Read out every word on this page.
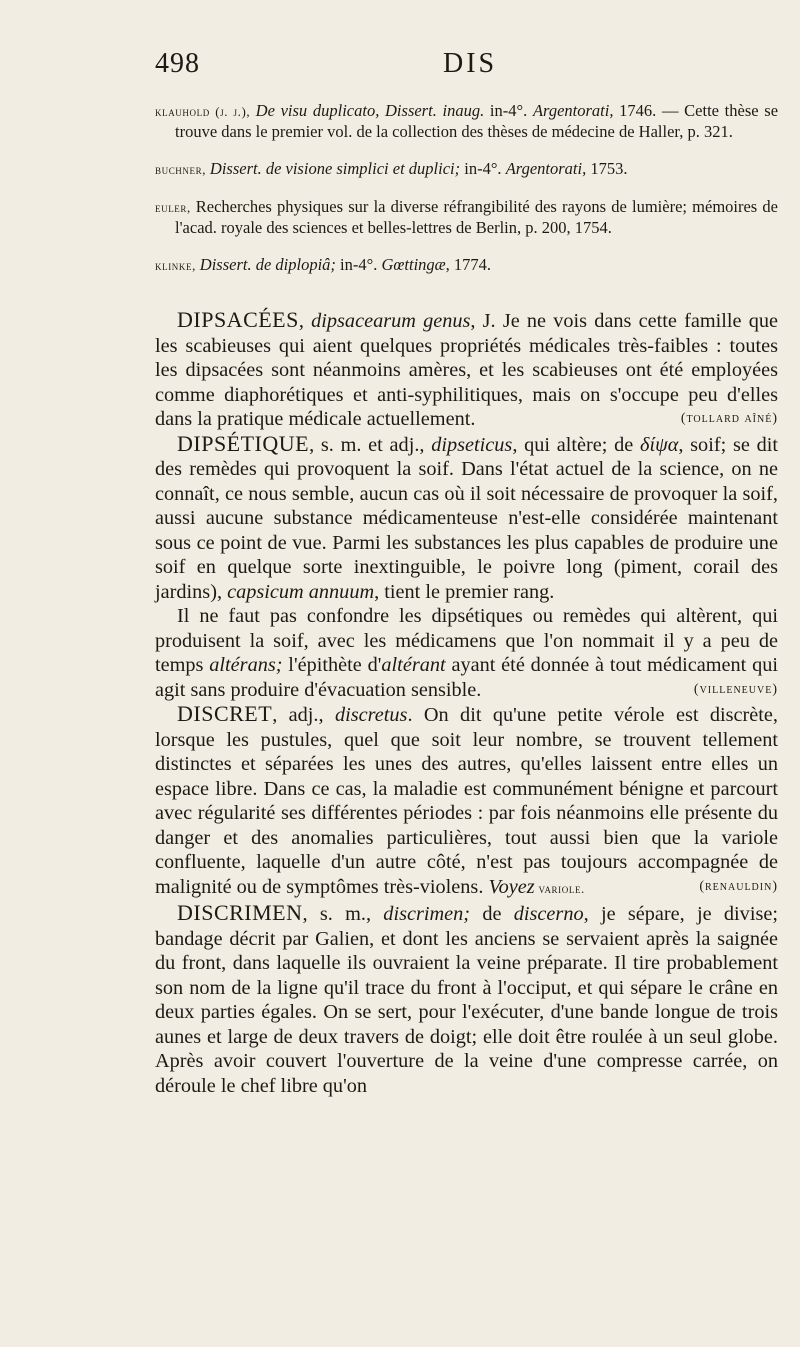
498	DIS

klauhold (j. j.), De visu duplicato, Dissert. inaug. in-4°. Argentorati, 1746. — Cette thèse se trouve dans le premier vol. de la collection des thèses de médecine de Haller, p. 321.

buchner, Dissert. de visione simplici et duplici; in-4°. Argentorati, 1753.

euler, Recherches physiques sur la diverse réfrangibilité des rayons de lumière; mémoires de l'acad. royale des sciences et belles-lettres de Berlin, p. 200, 1754.

klinke, Dissert. de diplopiâ; in-4°. Gœttingæ, 1774.

DIPSACÉES, dipsacearum genus, J. Je ne vois dans cette famille que les scabieuses qui aient quelques propriétés médicales très-faibles : toutes les dipsacées sont néanmoins amères, et les scabieuses ont été employées comme diaphorétiques et anti-syphilitiques, mais on s'occupe peu d'elles dans la pratique médicale actuellement.	(tollard aîné)

DIPSÉTIQUE, s. m. et adj., dipseticus, qui altère; de δίψα, soif; se dit des remèdes qui provoquent la soif. Dans l'état actuel de la science, on ne connaît, ce nous semble, aucun cas où il soit nécessaire de provoquer la soif, aussi aucune substance médicamenteuse n'est-elle considérée maintenant sous ce point de vue. Parmi les substances les plus capables de produire une soif en quelque sorte inextinguible, le poivre long (piment, corail des jardins), capsicum annuum, tient le premier rang.

Il ne faut pas confondre les dipsétiques ou remèdes qui altèrent, qui produisent la soif, avec les médicamens que l'on nommait il y a peu de temps altérans; l'épithète d'altérant ayant été donnée à tout médicament qui agit sans produire d'évacuation sensible.	(villeneuve)

DISCRET, adj., discretus. On dit qu'une petite vérole est discrète, lorsque les pustules, quel que soit leur nombre, se trouvent tellement distinctes et séparées les unes des autres, qu'elles laissent entre elles un espace libre. Dans ce cas, la maladie est communément bénigne et parcourt avec régularité ses différentes périodes : par fois néanmoins elle présente du danger et des anomalies particulières, tout aussi bien que la variole confluente, laquelle d'un autre côté, n'est pas toujours accompagnée de malignité ou de symptômes très-violens. Voyez variole.	(renauldin)

DISCRIMEN, s. m., discrimen; de discerno, je sépare, je divise; bandage décrit par Galien, et dont les anciens se servaient après la saignée du front, dans laquelle ils ouvraient la veine préparate. Il tire probablement son nom de la ligne qu'il trace du front à l'occiput, et qui sépare le crâne en deux parties égales. On se sert, pour l'exécuter, d'une bande longue de trois aunes et large de deux travers de doigt; elle doit être roulée à un seul globe. Après avoir couvert l'ouverture de la veine d'une compresse carrée, on déroule le chef libre qu'on
